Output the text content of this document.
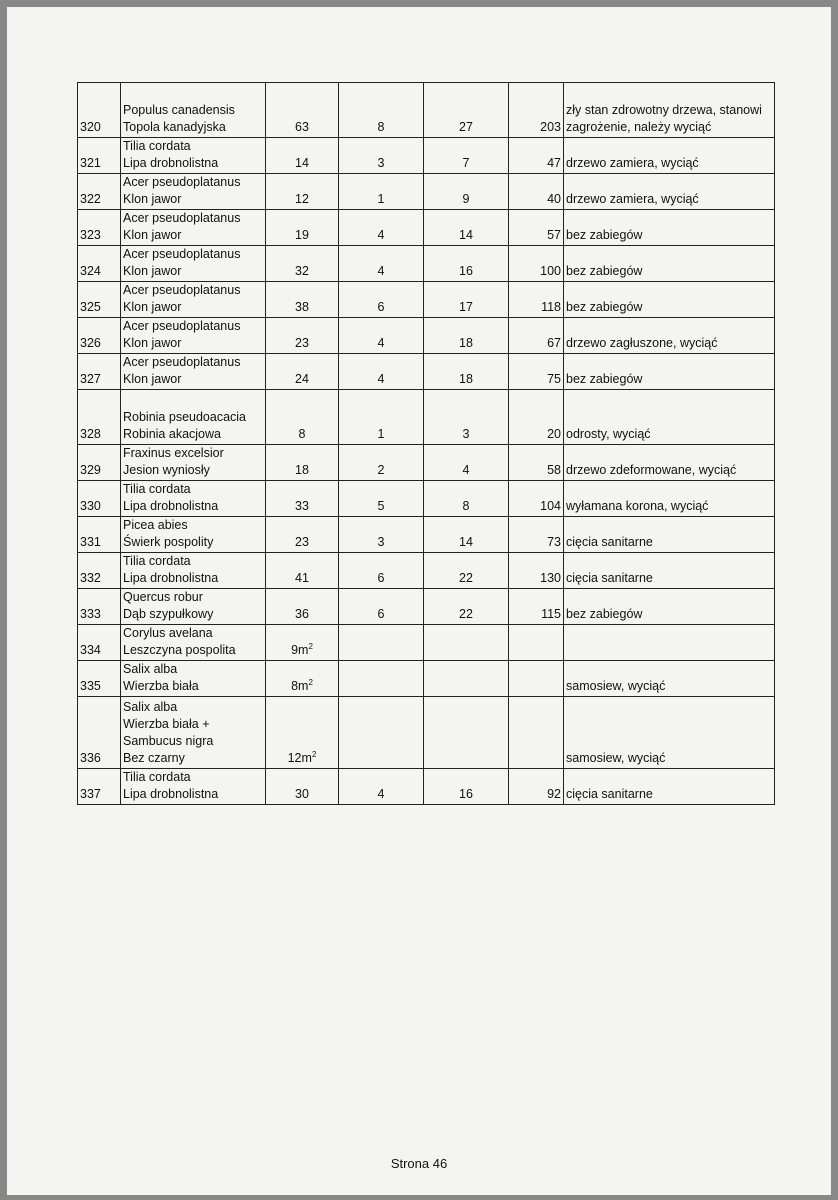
320	Populus canadensis
Topola kanadyjska	63	8	27	203	zły stan zdrowotny drzewa, stanowi zagrożenie, należy wyciąć
321	Tilia cordata
Lipa drobnolistna	14	3	7	47	drzewo zamiera, wyciąć
322	Acer pseudoplatanus
Klon jawor	12	1	9	40	drzewo zamiera, wyciąć
323	Acer pseudoplatanus
Klon jawor	19	4	14	57	bez zabiegów
324	Acer pseudoplatanus
Klon jawor	32	4	16	100	bez zabiegów
325	Acer pseudoplatanus
Klon jawor	38	6	17	118	bez zabiegów
326	Acer pseudoplatanus
Klon jawor	23	4	18	67	drzewo zagłuszone, wyciąć
327	Acer pseudoplatanus
Klon jawor	24	4	18	75	bez zabiegów
328	Robinia pseudoacacia
Robinia akacjowa	8	1	3	20	odrosty, wyciąć
329	Fraxinus excelsior
Jesion wyniosły	18	2	4	58	drzewo zdeformowane, wyciąć
330	Tilia cordata
Lipa drobnolistna	33	5	8	104	wyłamana korona, wyciąć
331	Picea abies
Świerk pospolity	23	3	14	73	cięcia sanitarne
332	Tilia cordata
Lipa drobnolistna	41	6	22	130	cięcia sanitarne
333	Quercus robur
Dąb szypułkowy	36	6	22	115	bez zabiegów
334	Corylus avelana
Leszczyna pospolita	$9m^2$				
335	Salix alba
Wierzba biała	$8m^2$				samosiew, wyciąć
336	Salix alba
Wierzba biała +
Sambucus nigra
Bez czarny	$12m^2$				samosiew, wyciąć
337	Tilia cordata
Lipa drobnolistna	30	4	16	92	cięcia sanitarne
Strona 46
